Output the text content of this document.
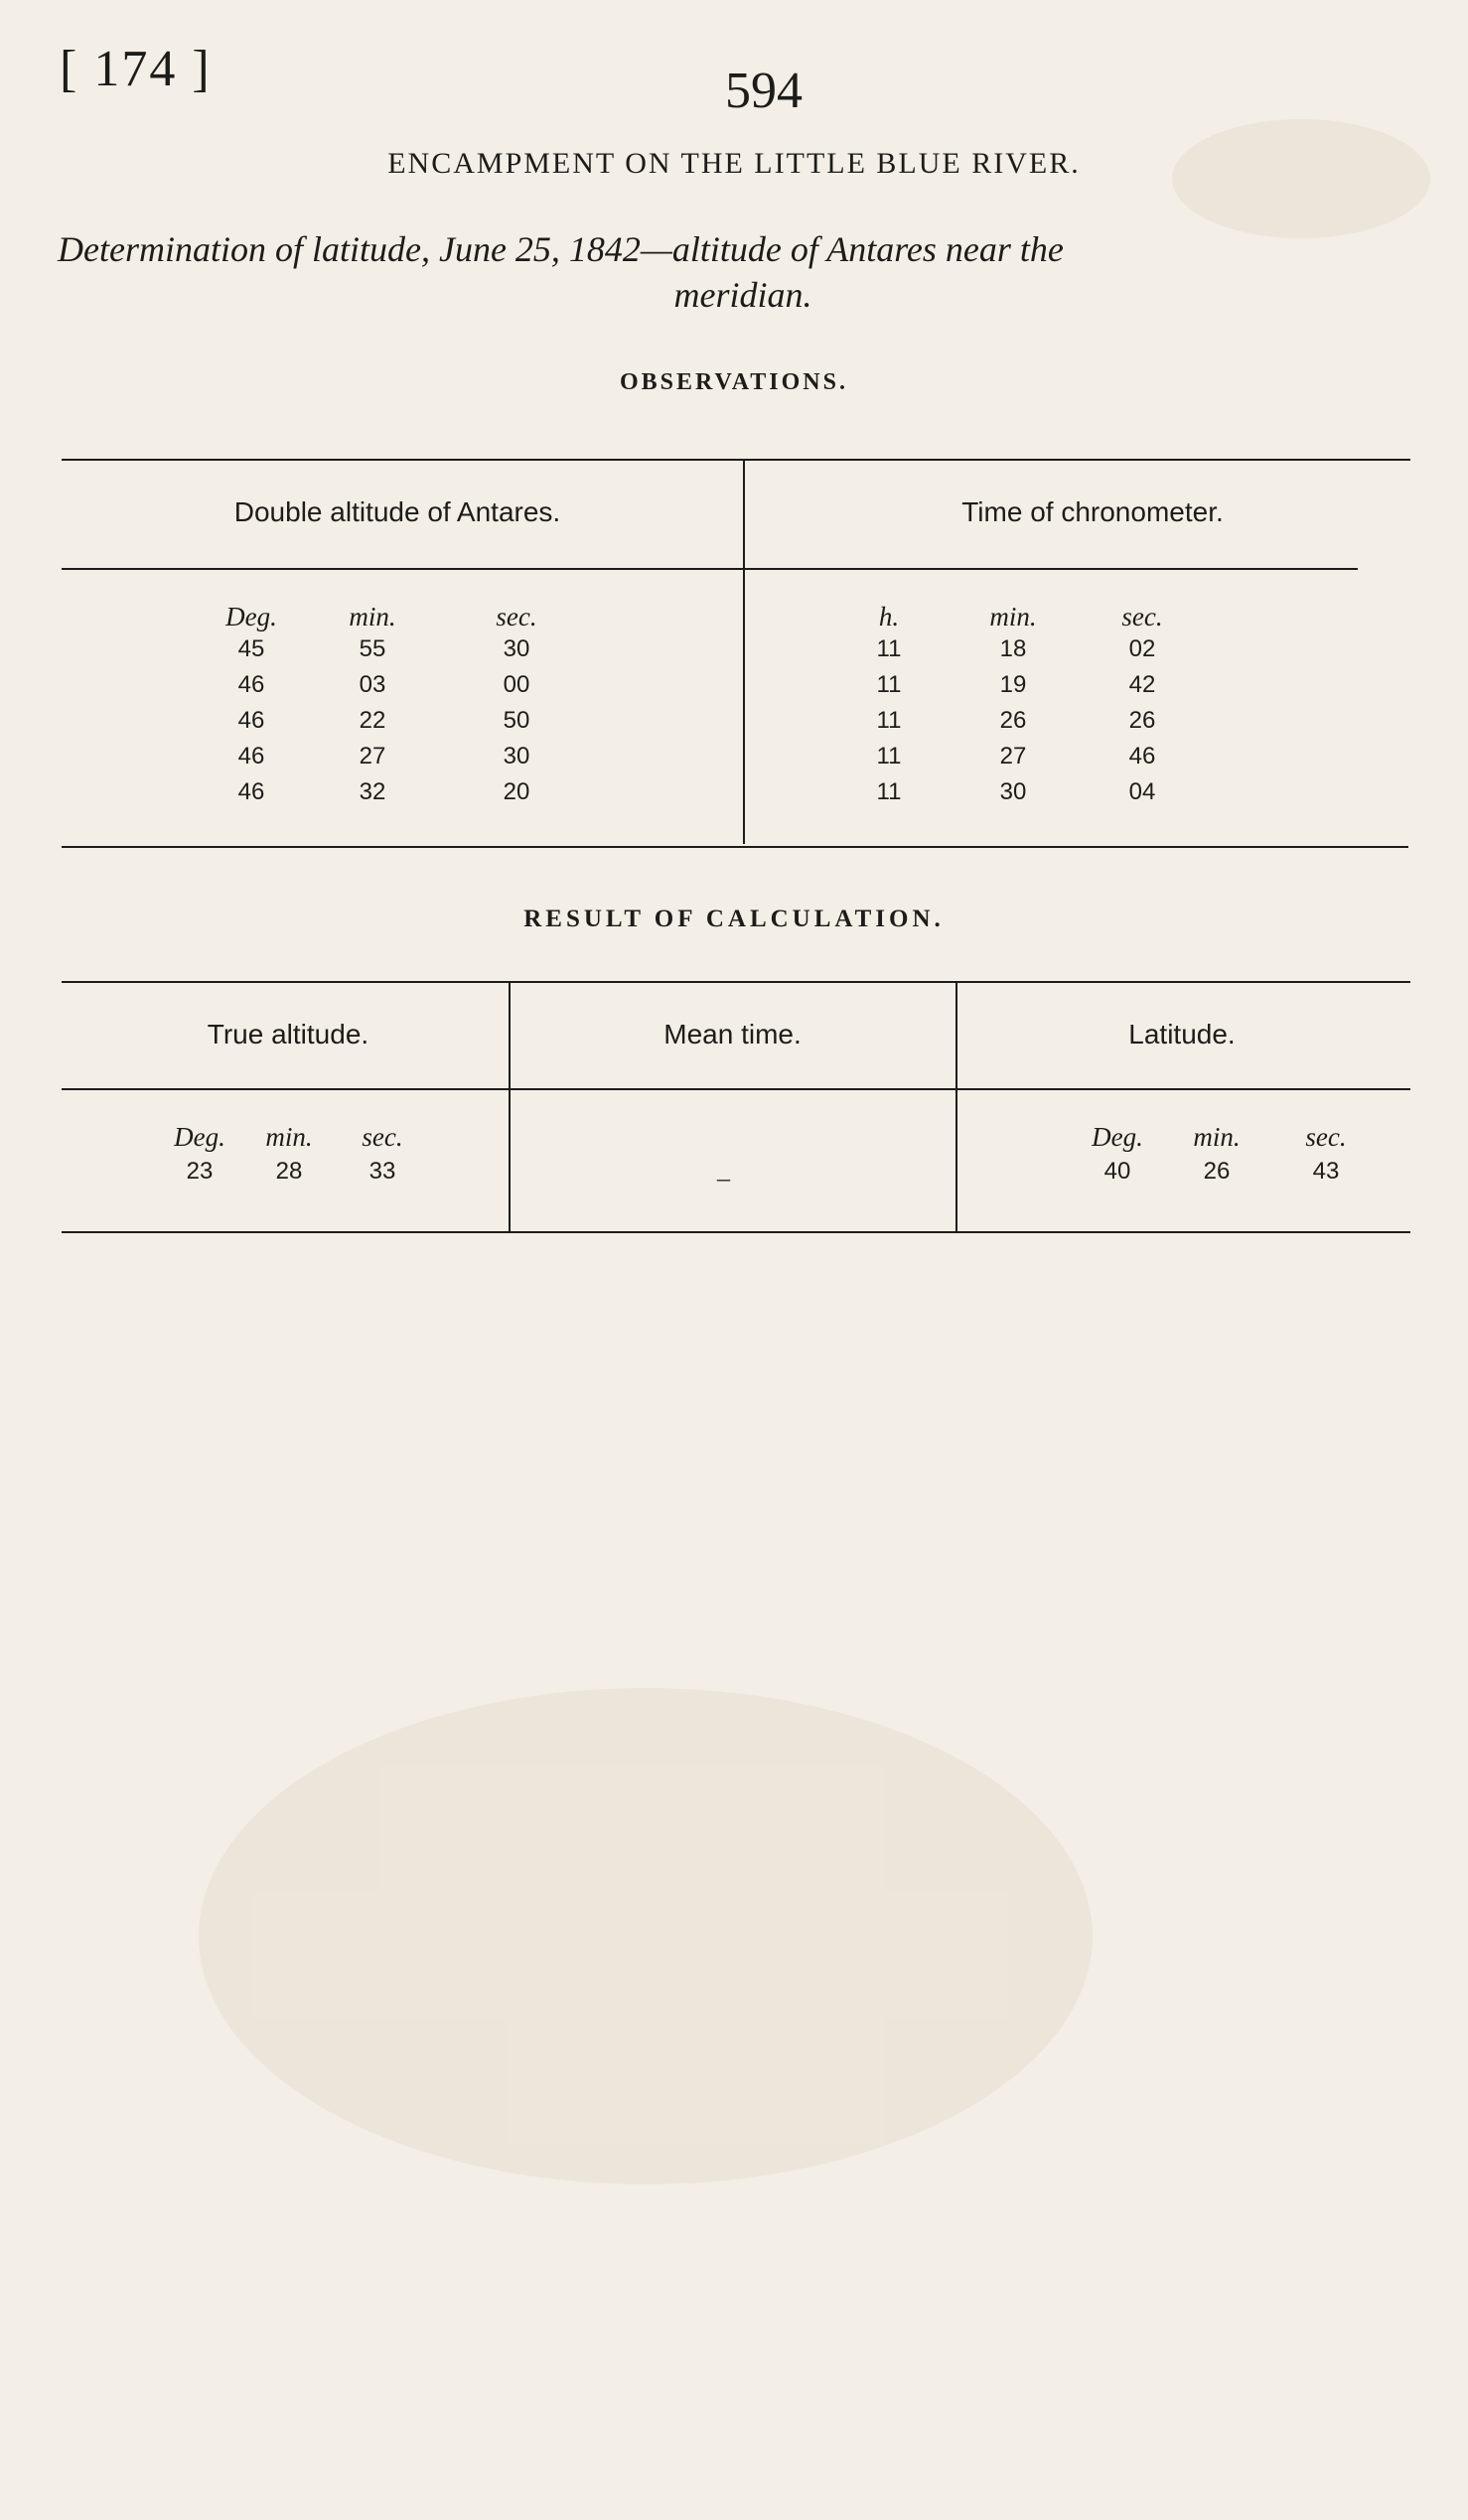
[ 174 ]	594
ENCAMPMENT ON THE LITTLE BLUE RIVER.
Determination of latitude, June 25, 1842—altitude of Antares near the
meridian.
OBSERVATIONS.
Double altitude of Antares.	Time of chronometer.
Deg.	min.	sec.	h.	min.	sec.
45	55	30	11	18	02
46	03	00	11	19	42
46	22	50	11	26	26
46	27	30	11	27	46
46	32	20	11	30	04
RESULT OF CALCULATION.
True altitude.	Mean time.	Latitude.
Deg.	min.	sec.	Deg.	min.	sec.
23	28	33	–	40	26	43
